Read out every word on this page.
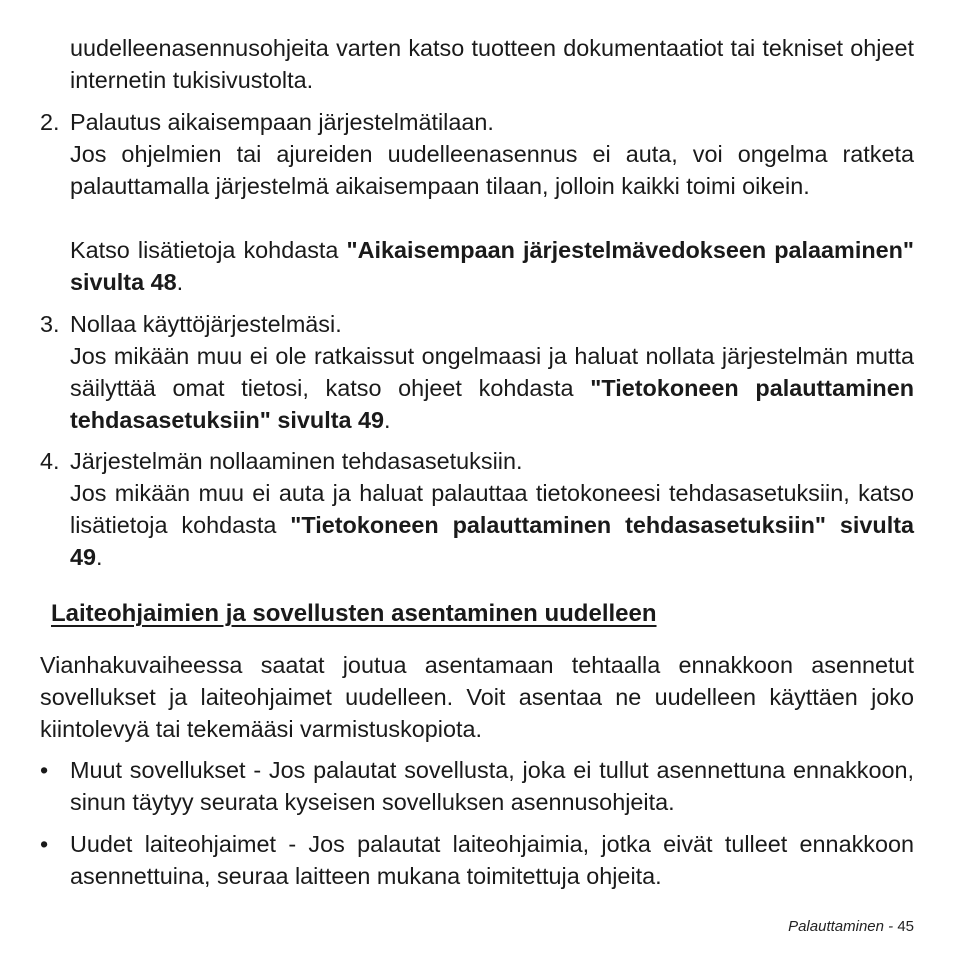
uudelleenasennusohjeita varten katso tuotteen dokumentaatiot tai tekniset ohjeet internetin tukisivustolta.

2. Palautus aikaisempaan järjestelmätilaan.

Jos ohjelmien tai ajureiden uudelleenasennus ei auta, voi ongelma ratketa palauttamalla järjestelmä aikaisempaan tilaan, jolloin kaikki toimi oikein.

Katso lisätietoja kohdasta "Aikaisempaan järjestelmävedokseen palaaminen" sivulta 48.

3. Nollaa käyttöjärjestelmäsi.

Jos mikään muu ei ole ratkaissut ongelmaasi ja haluat nollata järjestelmän mutta säilyttää omat tietosi, katso ohjeet kohdasta "Tietokoneen palauttaminen tehdasasetuksiin" sivulta 49.

4. Järjestelmän nollaaminen tehdasasetuksiin.

Jos mikään muu ei auta ja haluat palauttaa tietokoneesi tehdasasetuksiin, katso lisätietoja kohdasta "Tietokoneen palauttaminen tehdasasetuksiin" sivulta 49.

Laiteohjaimien ja sovellusten asentaminen uudelleen

Vianhakuvaiheessa saatat joutua asentamaan tehtaalla ennakkoon asennetut sovellukset ja laiteohjaimet uudelleen. Voit asentaa ne uudelleen käyttäen joko kiintolevyä tai tekemääsi varmistuskopiota.

• Muut sovellukset - Jos palautat sovellusta, joka ei tullut asennettuna ennakkoon, sinun täytyy seurata kyseisen sovelluksen asennusohjeita.

• Uudet laiteohjaimet - Jos palautat laiteohjaimia, jotka eivät tulleet ennakkoon asennettuina, seuraa laitteen mukana toimitettuja ohjeita.

Palauttaminen - 45
